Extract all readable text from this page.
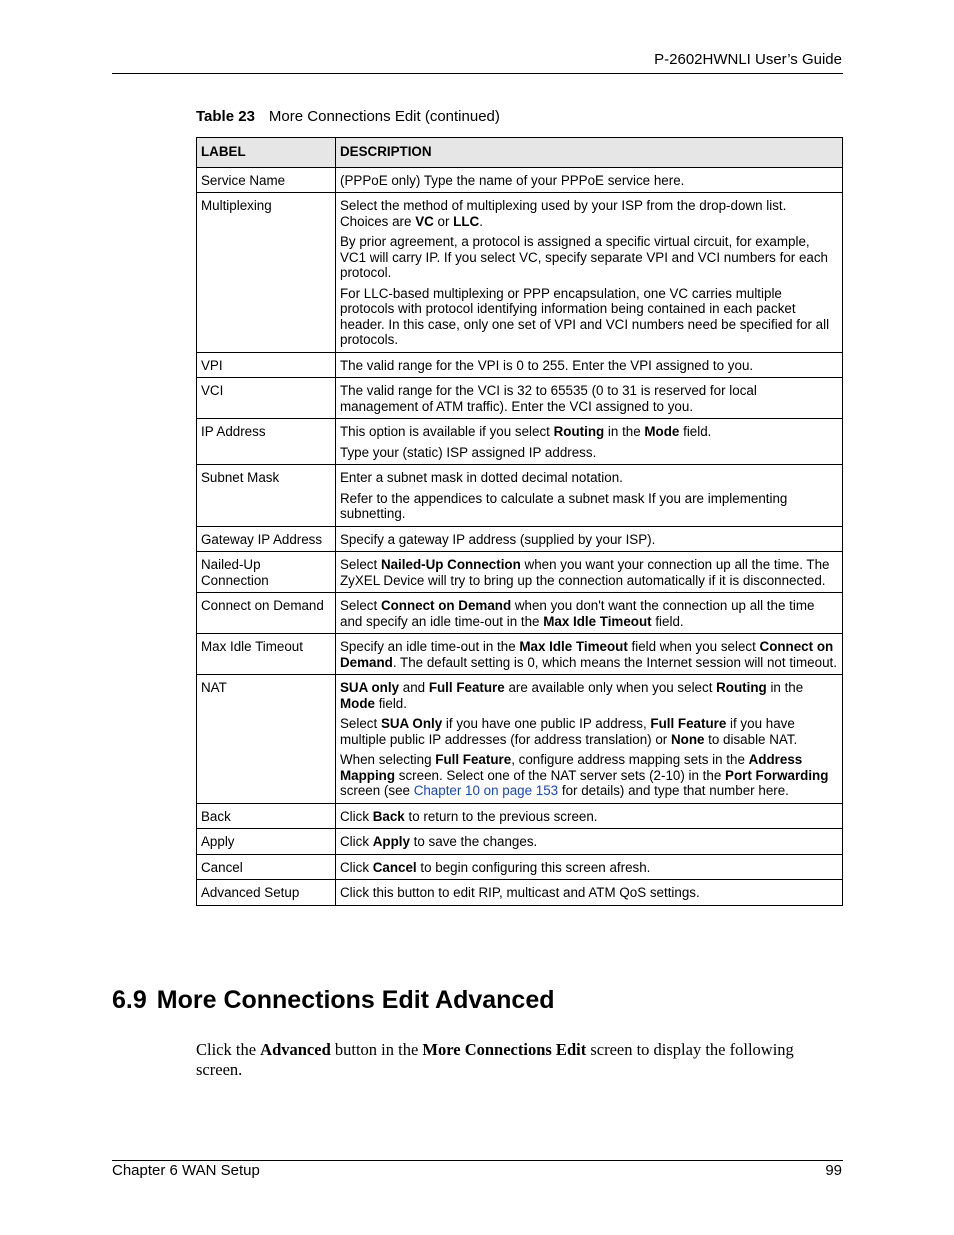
P-2602HWNLI User’s Guide
Table 23 More Connections Edit (continued)
LABEL	DESCRIPTION
Service Name	(PPPoE only) Type the name of your PPPoE service here.

Multiplexing	Select the method of multiplexing used by your ISP from the drop-down list. Choices are VC or LLC.

By prior agreement, a protocol is assigned a specific virtual circuit, for example, VC1 will carry IP. If you select VC, specify separate VPI and VCI numbers for each protocol.

For LLC-based multiplexing or PPP encapsulation, one VC carries multiple protocols with protocol identifying information being contained in each packet header. In this case, only one set of VPI and VCI numbers need be specified for all protocols.

VPI	The valid range for the VPI is 0 to 255. Enter the VPI assigned to you.

VCI	The valid range for the VCI is 32 to 65535 (0 to 31 is reserved for local management of ATM traffic). Enter the VCI assigned to you.

IP Address	This option is available if you select Routing in the Mode field.

Type your (static) ISP assigned IP address.

Subnet Mask	Enter a subnet mask in dotted decimal notation.

Refer to the appendices to calculate a subnet mask If you are implementing subnetting.

Gateway IP Address	Specify a gateway IP address (supplied by your ISP).

Nailed-Up Connection	Select Nailed-Up Connection when you want your connection up all the time. The ZyXEL Device will try to bring up the connection automatically if it is disconnected.

Connect on Demand	Select Connect on Demand when you don't want the connection up all the time and specify an idle time-out in the Max Idle Timeout field.

Max Idle Timeout	Specify an idle time-out in the Max Idle Timeout field when you select Connect on Demand. The default setting is 0, which means the Internet session will not timeout.

NAT	SUA only and Full Feature are available only when you select Routing in the Mode field.

Select SUA Only if you have one public IP address, Full Feature if you have multiple public IP addresses (for address translation) or None to disable NAT.

When selecting Full Feature, configure address mapping sets in the Address Mapping screen. Select one of the NAT server sets (2-10) in the Port Forwarding screen (see Chapter 10 on page 153 for details) and type that number here.

Back	Click Back to return to the previous screen.

Apply	Click Apply to save the changes.

Cancel	Click Cancel to begin configuring this screen afresh.

Advanced Setup	Click this button to edit RIP, multicast and ATM QoS settings.

6.9 More Connections Edit Advanced

Click the Advanced button in the More Connections Edit screen to display the following screen.

Chapter 6 WAN Setup	99
